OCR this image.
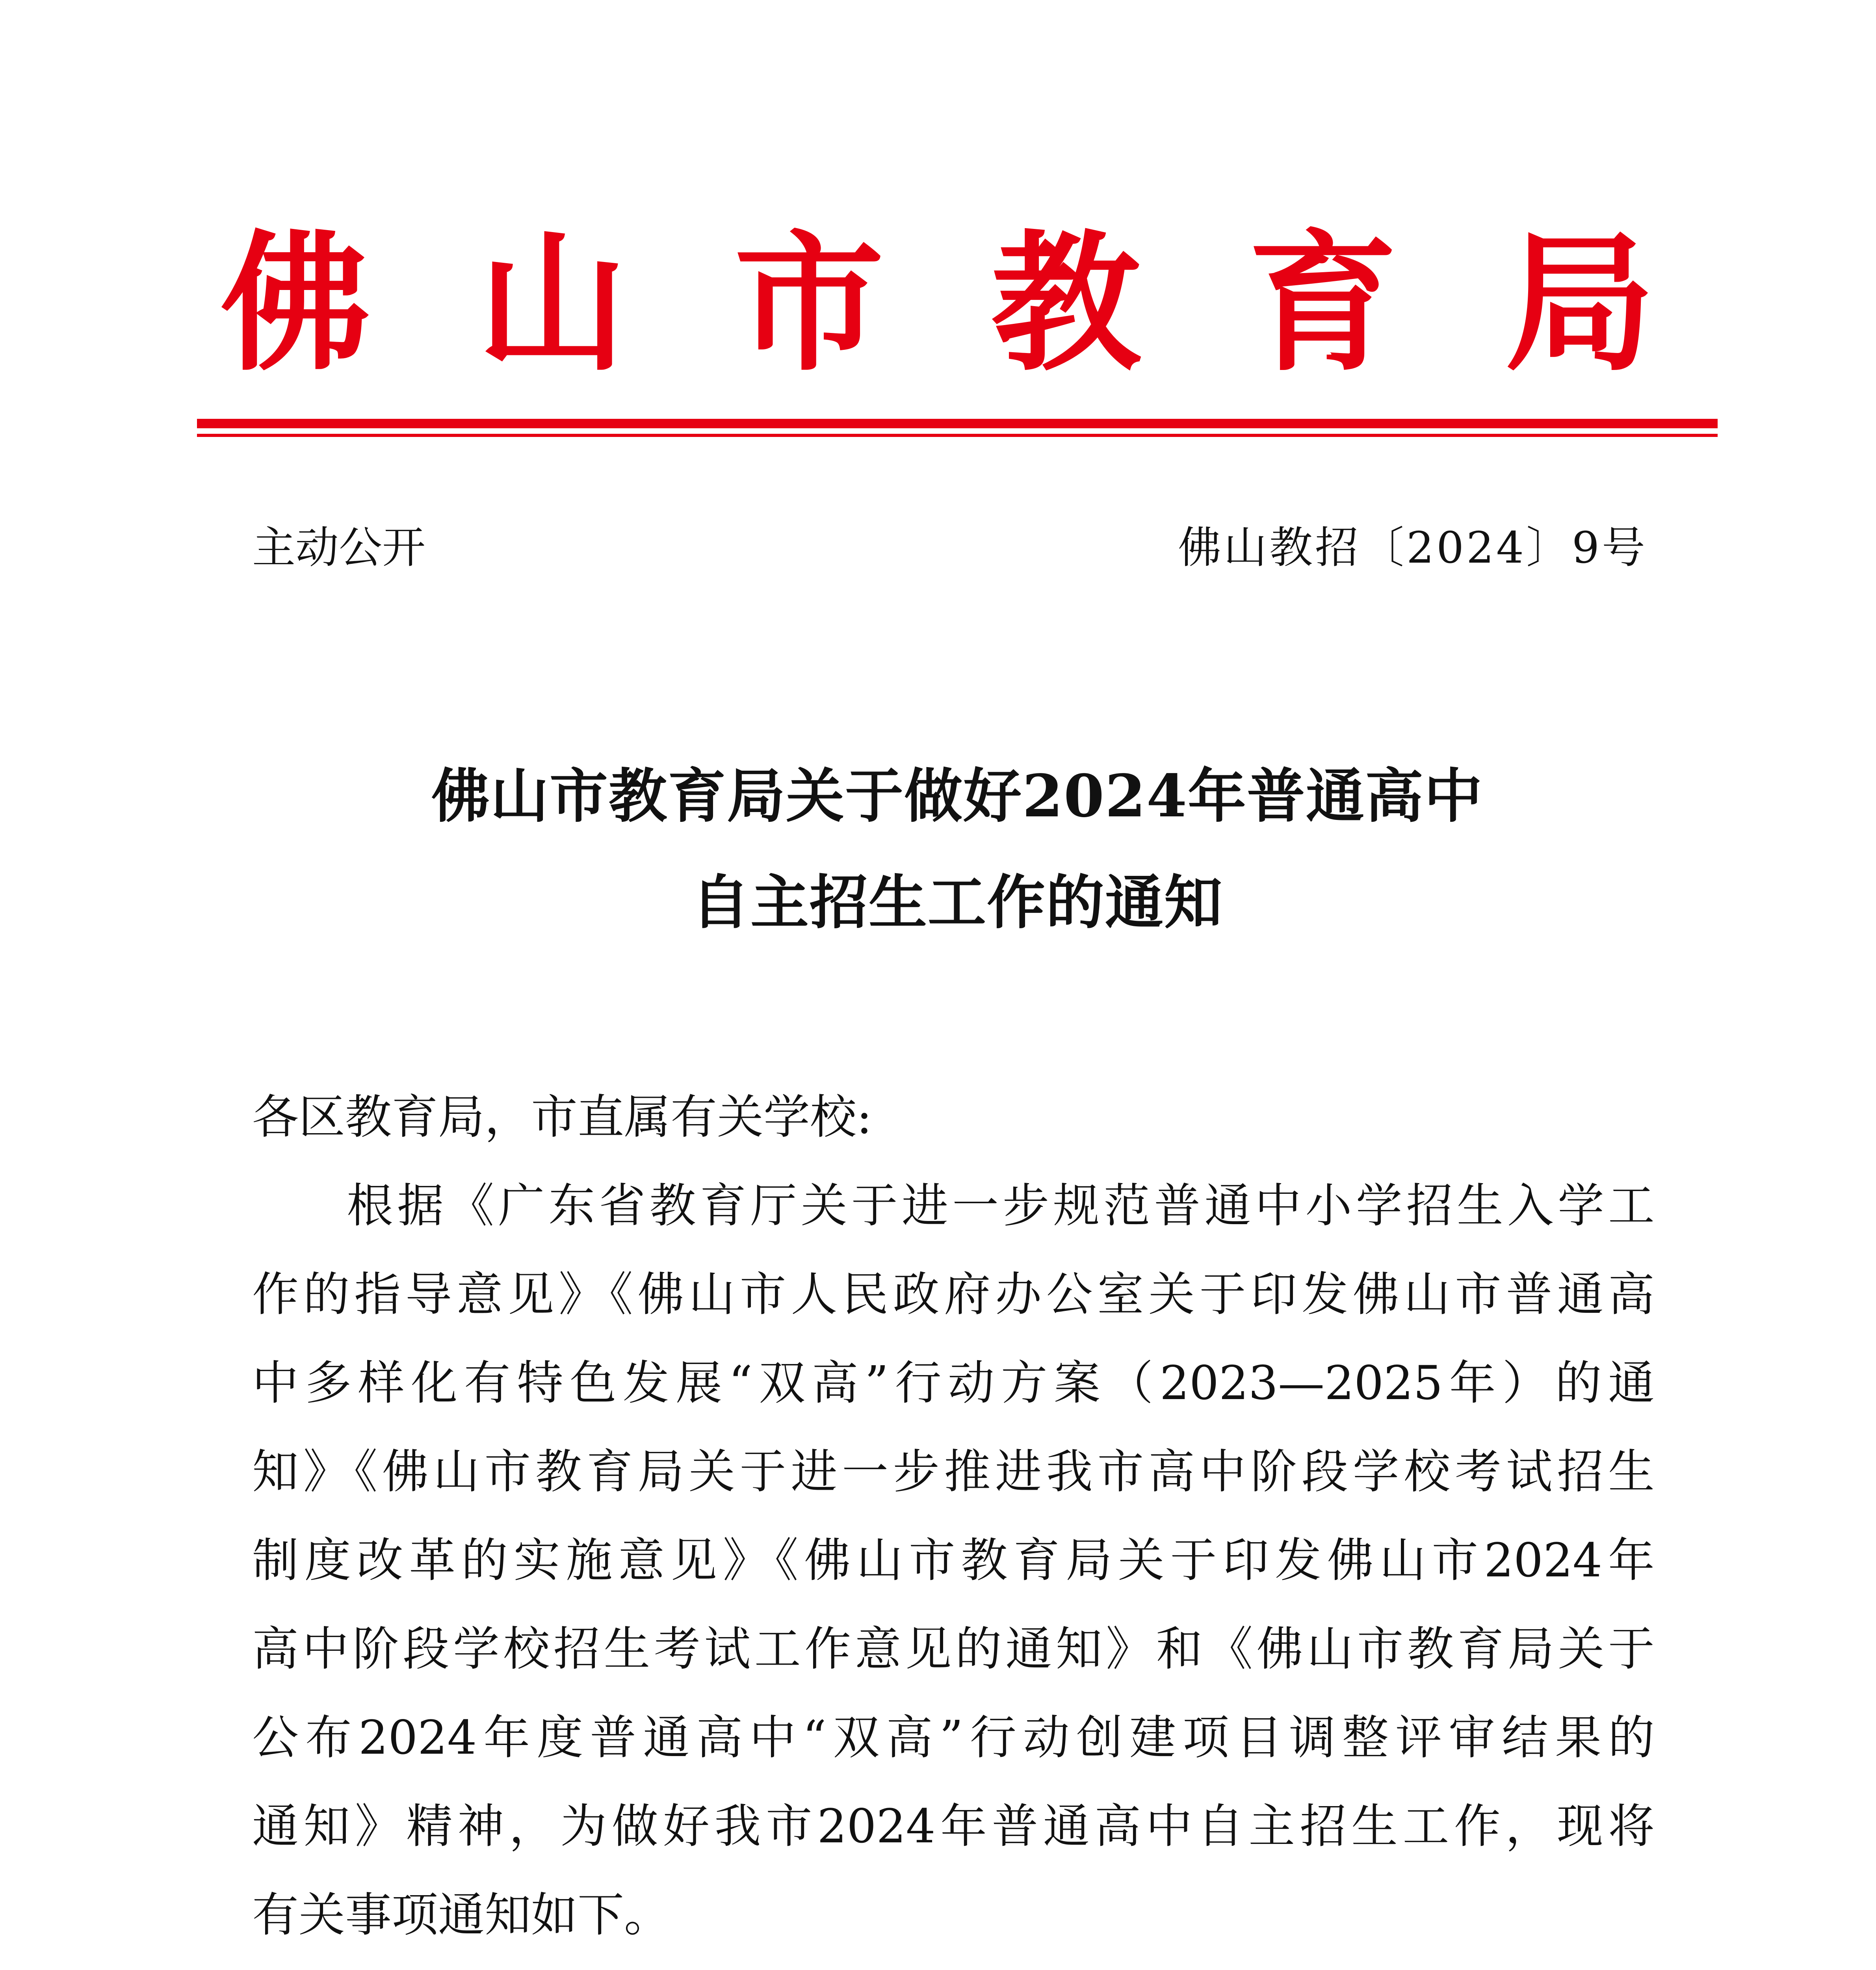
佛 山 市 教 育 局
主动公开	佛山教招〔2024〕9号
佛山市教育局关于做好2024年普通高中
自主招生工作的通知
各区教育局，市直属有关学校:
根据《广东省教育厅关于进一步规范普通中小学招生入学工
作的指导意见》《佛山市人民政府办公室关于印发佛山市普通高
中多样化有特色发展“双高”行动方案（2023—2025年）的通
知》《佛山市教育局关于进一步推进我市高中阶段学校考试招生
制度改革的实施意见》《佛山市教育局关于印发佛山市2024年
高中阶段学校招生考试工作意见的通知》和《佛山市教育局关于
公布2024年度普通高中“双高”行动创建项目调整评审结果的
通知》精神，为做好我市2024年普通高中自主招生工作，现将
有关事项通知如下。
